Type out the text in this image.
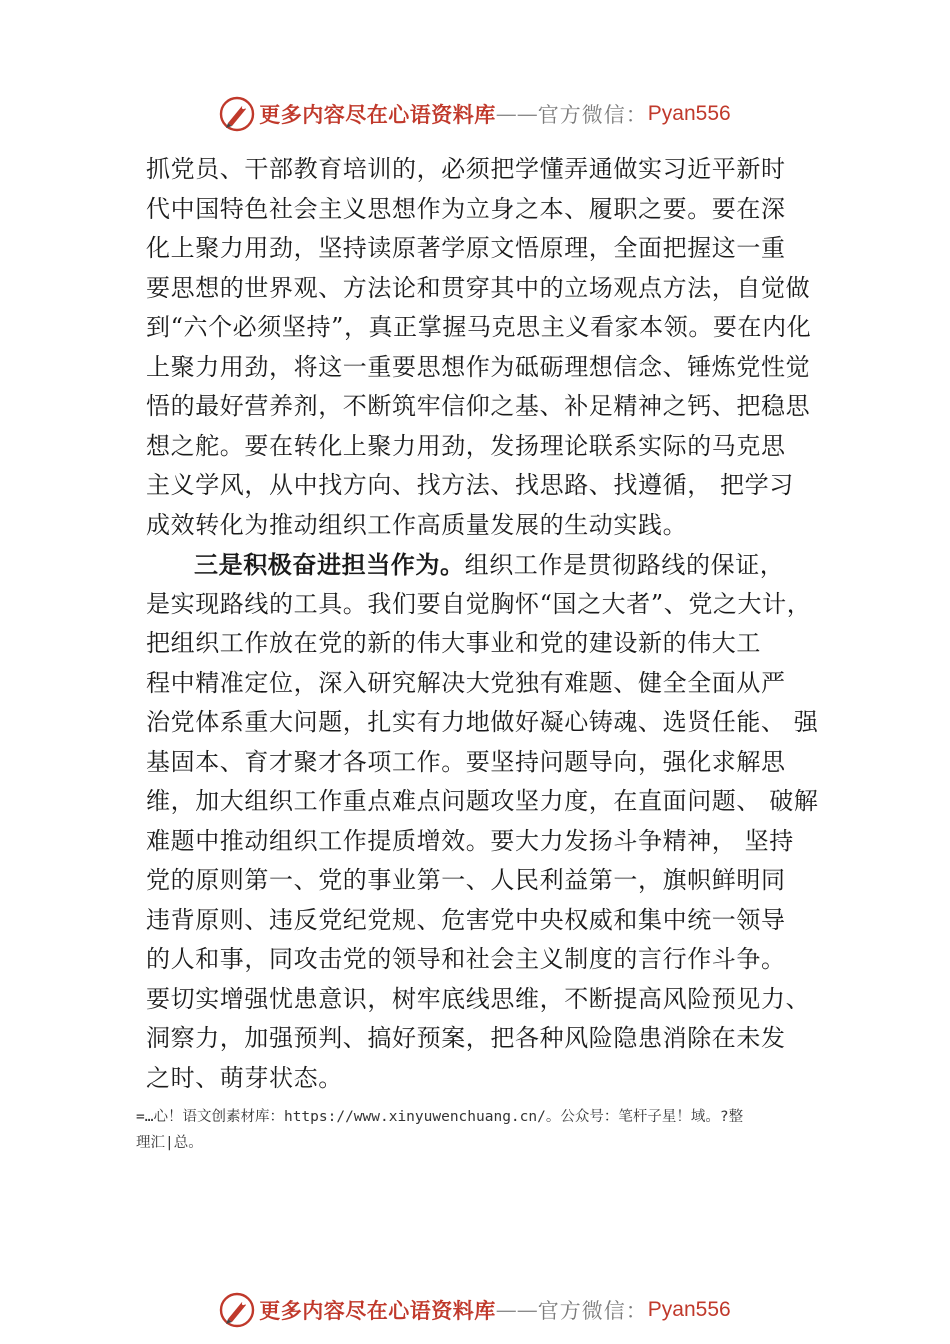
更多内容尽在心语资料库 —— 官方微信： Pyan556
抓党员、干部教育培训的，必须把学懂弄通做实习近平新时
代中国特色社会主义思想作为立身之本、履职之要。要在深
化上聚力用劲，坚持读原著学原文悟原理，全面把握这一重
要思想的世界观、方法论和贯穿其中的立场观点方法，自觉做
到“六个必须坚持”，真正掌握马克思主义看家本领。要在内化
上聚力用劲，将这一重要思想作为砥砺理想信念、锤炼党性觉
悟的最好营养剂，不断筑牢信仰之基、补足精神之钙、把稳思
想之舵。要在转化上聚力用劲，发扬理论联系实际的马克思
主义学风，从中找方向、找方法、找思路、找遵循， 把学习
成效转化为推动组织工作高质量发展的生动实践。
三是积极奋进担当作为。组织工作是贯彻路线的保证，
是实现路线的工具。我们要自觉胸怀“国之大者”、党之大计，
把组织工作放在党的新的伟大事业和党的建设新的伟大工
程中精准定位，深入研究解决大党独有难题、健全全面从严
治党体系重大问题，扎实有力地做好凝心铸魂、选贤任能、 强
基固本、育才聚才各项工作。要坚持问题导向，强化求解思
维，加大组织工作重点难点问题攻坚力度，在直面问题、 破解
难题中推动组织工作提质增效。要大力发扬斗争精神， 坚持
党的原则第一、党的事业第一、人民利益第一，旗帜鲜明同
违背原则、违反党纪党规、危害党中央权威和集中统一领导
的人和事，同攻击党的领导和社会主义制度的言行作斗争。
要切实增强忧患意识，树牢底线思维，不断提高风险预见力、
洞察力，加强预判、搞好预案，把各种风险隐患消除在未发
之时、萌芽状态。
=…心！语文创素材库：https://www.xinyuwenchuang.cn/。公众号：笔杆子星！域。?整
理汇|总。
更多内容尽在心语资料库 —— 官方微信： Pyan556
